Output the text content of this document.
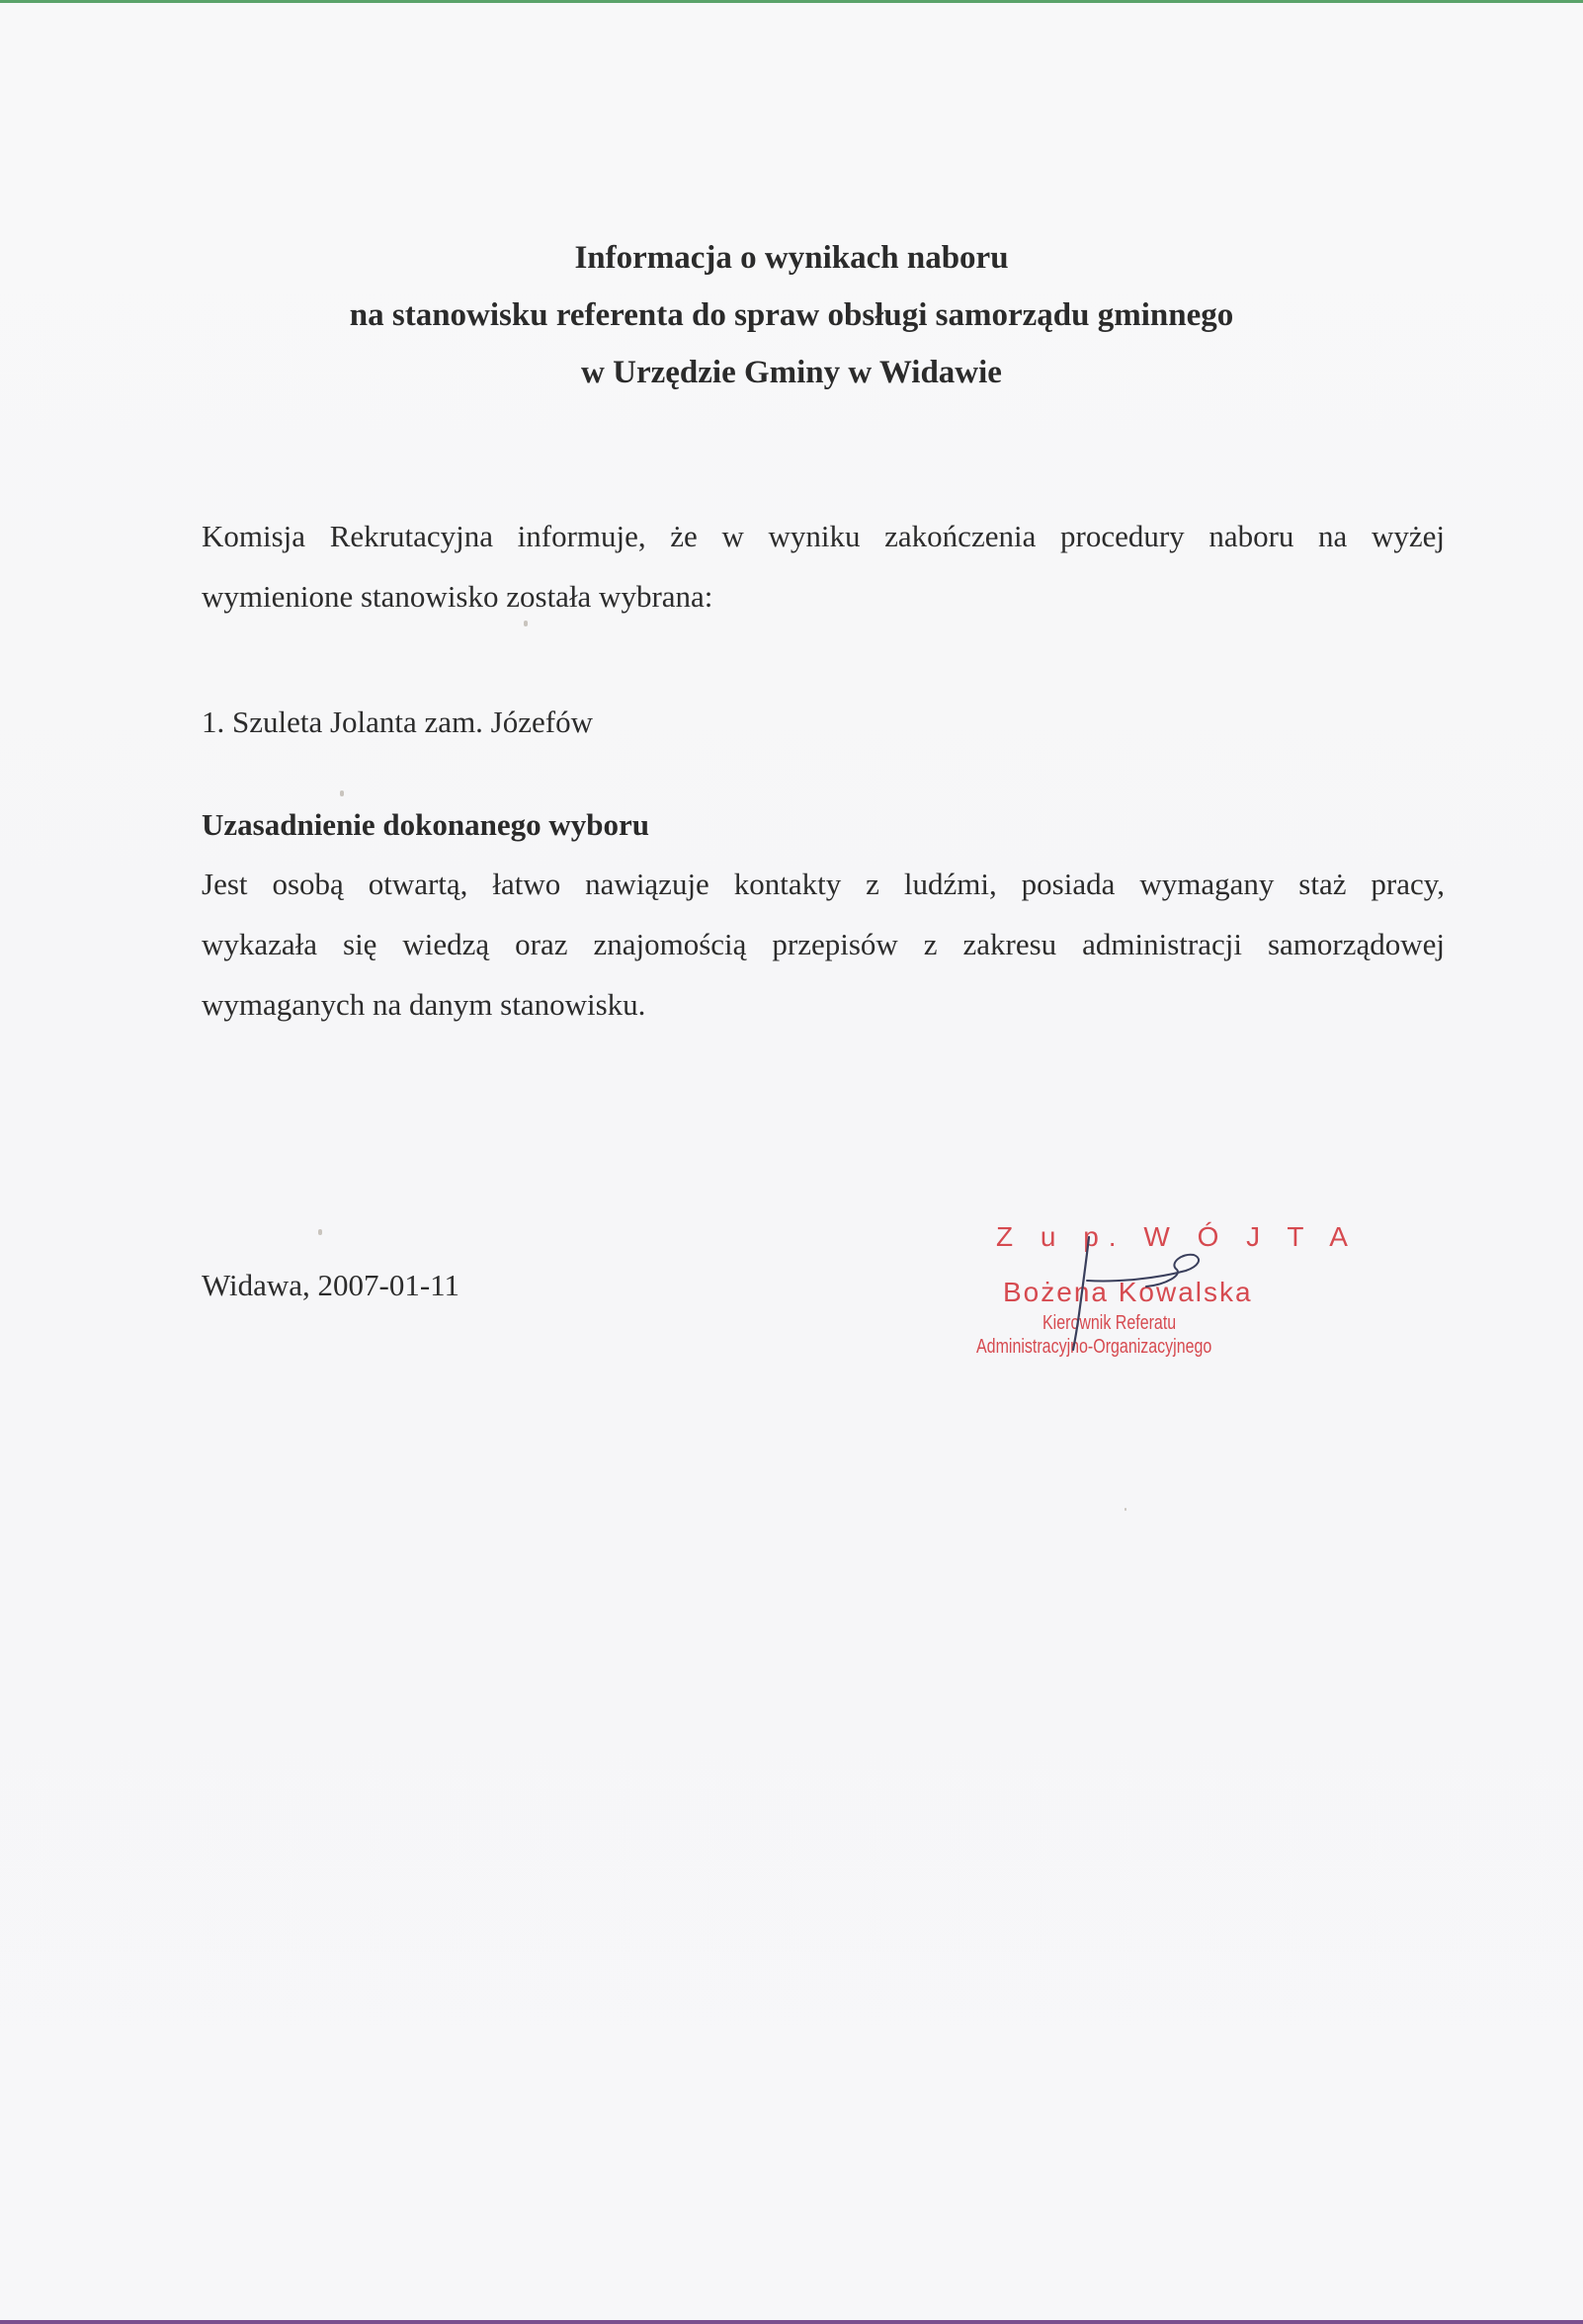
Informacja o wynikach naboru
na stanowisku referenta do spraw obsługi samorządu gminnego
w Urzędzie Gminy w Widawie
Komisja Rekrutacyjna informuje, że w wyniku zakończenia procedury naboru na wyżej
wymienione stanowisko została wybrana:
1. Szuleta Jolanta zam. Józefów
Uzasadnienie dokonanego wyboru
Jest osobą otwartą, łatwo nawiązuje kontakty z ludźmi, posiada wymagany staż pracy,
wykazała się wiedzą oraz znajomością przepisów z zakresu administracji samorządowej
wymaganych na danym stanowisku.
Widawa, 2007-01-11
Z u p. W Ó J T A
Bożena Kowalska
Kierownik Referatu
Administracyjno-Organizacyjnego
